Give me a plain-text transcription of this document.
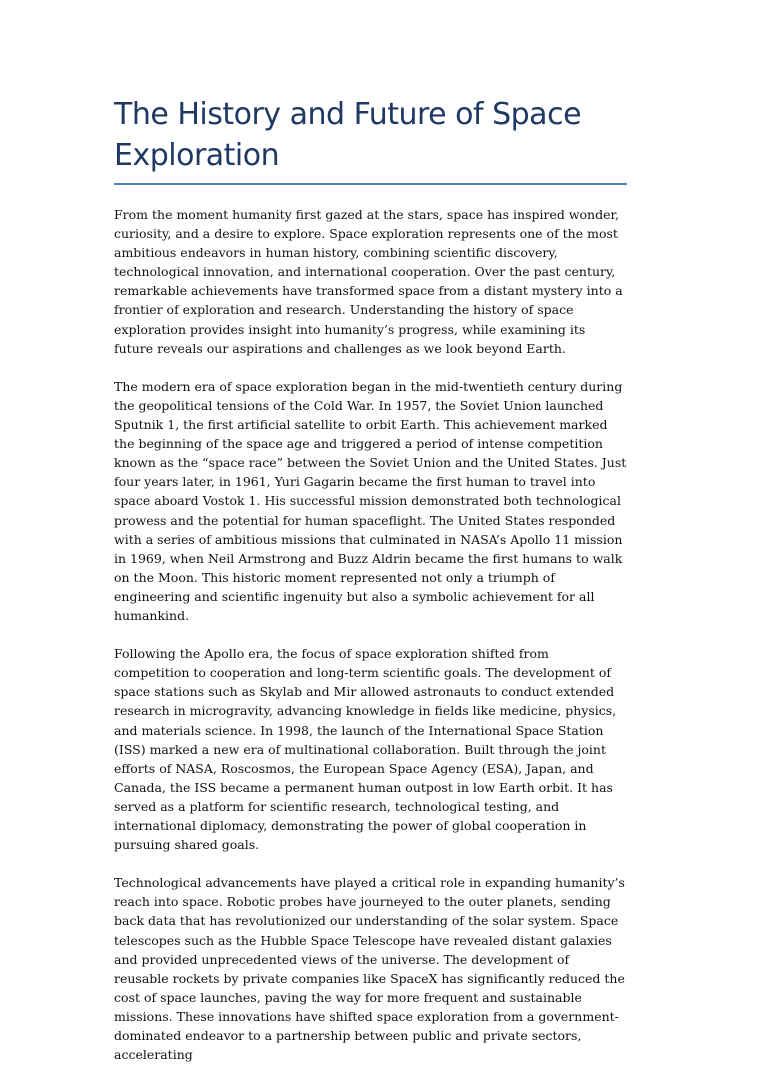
The History and Future of Space Exploration

From the moment humanity first gazed at the stars, space has inspired wonder, curiosity, and a desire to explore. Space exploration represents one of the most ambitious endeavors in human history, combining scientific discovery, technological innovation, and international cooperation. Over the past century, remarkable achievements have transformed space from a distant mystery into a frontier of exploration and research. Understanding the history of space exploration provides insight into humanity’s progress, while examining its future reveals our aspirations and challenges as we look beyond Earth.

The modern era of space exploration began in the mid-twentieth century during the geopolitical tensions of the Cold War. In 1957, the Soviet Union launched Sputnik 1, the first artificial satellite to orbit Earth. This achievement marked the beginning of the space age and triggered a period of intense competition known as the “space race” between the Soviet Union and the United States. Just four years later, in 1961, Yuri Gagarin became the first human to travel into space aboard Vostok 1. His successful mission demonstrated both technological prowess and the potential for human spaceflight. The United States responded with a series of ambitious missions that culminated in NASA’s Apollo 11 mission in 1969, when Neil Armstrong and Buzz Aldrin became the first humans to walk on the Moon. This historic moment represented not only a triumph of engineering and scientific ingenuity but also a symbolic achievement for all humankind.

Following the Apollo era, the focus of space exploration shifted from competition to cooperation and long-term scientific goals. The development of space stations such as Skylab and Mir allowed astronauts to conduct extended research in microgravity, advancing knowledge in fields like medicine, physics, and materials science. In 1998, the launch of the International Space Station (ISS) marked a new era of multinational collaboration. Built through the joint efforts of NASA, Roscosmos, the European Space Agency (ESA), Japan, and Canada, the ISS became a permanent human outpost in low Earth orbit. It has served as a platform for scientific research, technological testing, and international diplomacy, demonstrating the power of global cooperation in pursuing shared goals.

Technological advancements have played a critical role in expanding humanity’s reach into space. Robotic probes have journeyed to the outer planets, sending back data that has revolutionized our understanding of the solar system. Space telescopes such as the Hubble Space Telescope have revealed distant galaxies and provided unprecedented views of the universe. The development of reusable rockets by private companies like SpaceX has significantly reduced the cost of space launches, paving the way for more frequent and sustainable missions. These innovations have shifted space exploration from a government-dominated endeavor to a partnership between public and private sectors, accelerating
